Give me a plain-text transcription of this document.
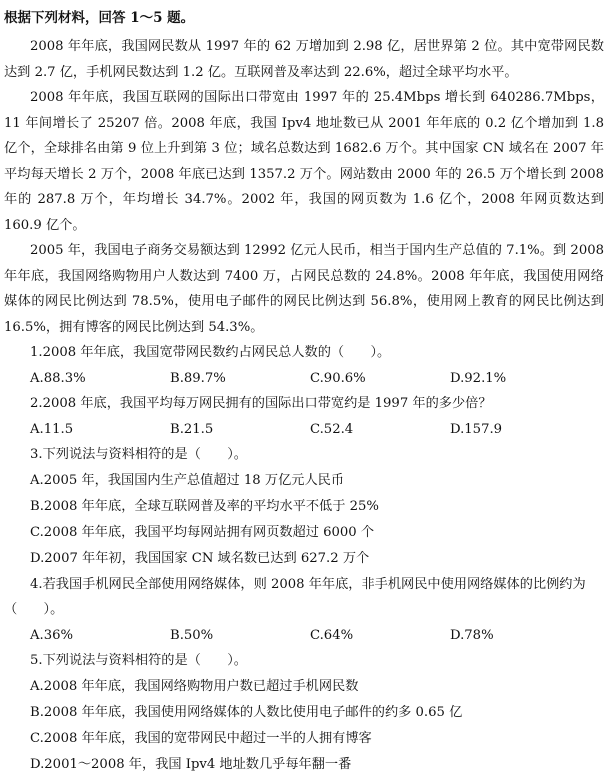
根据下列材料，回答 1～5 题。

2008 年年底，我国网民数从 1997 年的 62 万增加到 2.98 亿，居世界第 2 位。其中宽带网民数达到 2.7 亿，手机网民数达到 1.2 亿。互联网普及率达到 22.6%，超过全球平均水平。

2008 年年底，我国互联网的国际出口带宽由 1997 年的 25.4Mbps 增长到 640286.7Mbps，11 年间增长了 25207 倍。2008 年底，我国 Ipv4 地址数已从 2001 年年底的 0.2 亿个增加到 1.8 亿个，全球排名由第 9 位上升到第 3 位；域名总数达到 1682.6 万个。其中国家 CN 域名在 2007 年平均每天增长 2 万个，2008 年底已达到 1357.2 万个。网站数由 2000 年的 26.5 万个增长到 2008 年的 287.8 万个，年均增长 34.7%。2002 年，我国的网页数为 1.6 亿个，2008 年网页数达到 160.9 亿个。

2005 年，我国电子商务交易额达到 12992 亿元人民币，相当于国内生产总值的 7.1%。到 2008 年年底，我国网络购物用户人数达到 7400 万，占网民总数的 24.8%。2008 年年底，我国使用网络媒体的网民比例达到 78.5%，使用电子邮件的网民比例达到 56.8%，使用网上教育的网民比例达到 16.5%，拥有博客的网民比例达到 54.3%。

1.2008 年年底，我国宽带网民数约占网民总人数的（　　）。
A.88.3%	B.89.7%	C.90.6%	D.92.1%
2.2008 年底，我国平均每万网民拥有的国际出口带宽约是 1997 年的多少倍？
A.11.5	B.21.5	C.52.4	D.157.9
3.下列说法与资料相符的是（　　）。
A.2005 年，我国国内生产总值超过 18 万亿元人民币
B.2008 年年底，全球互联网普及率的平均水平不低于 25%
C.2008 年年底，我国平均每网站拥有网页数超过 6000 个
D.2007 年年初，我国国家 CN 域名数已达到 627.2 万个
4.若我国手机网民全部使用网络媒体，则 2008 年年底，非手机网民中使用网络媒体的比例约为（　　）。
A.36%	B.50%	C.64%	D.78%
5.下列说法与资料相符的是（　　）。
A.2008 年年底，我国网络购物用户数已超过手机网民数
B.2008 年年底，我国使用网络媒体的人数比使用电子邮件的约多 0.65 亿
C.2008 年年底，我国的宽带网民中超过一半的人拥有博客
D.2001～2008 年，我国 Ipv4 地址数几乎每年翻一番
